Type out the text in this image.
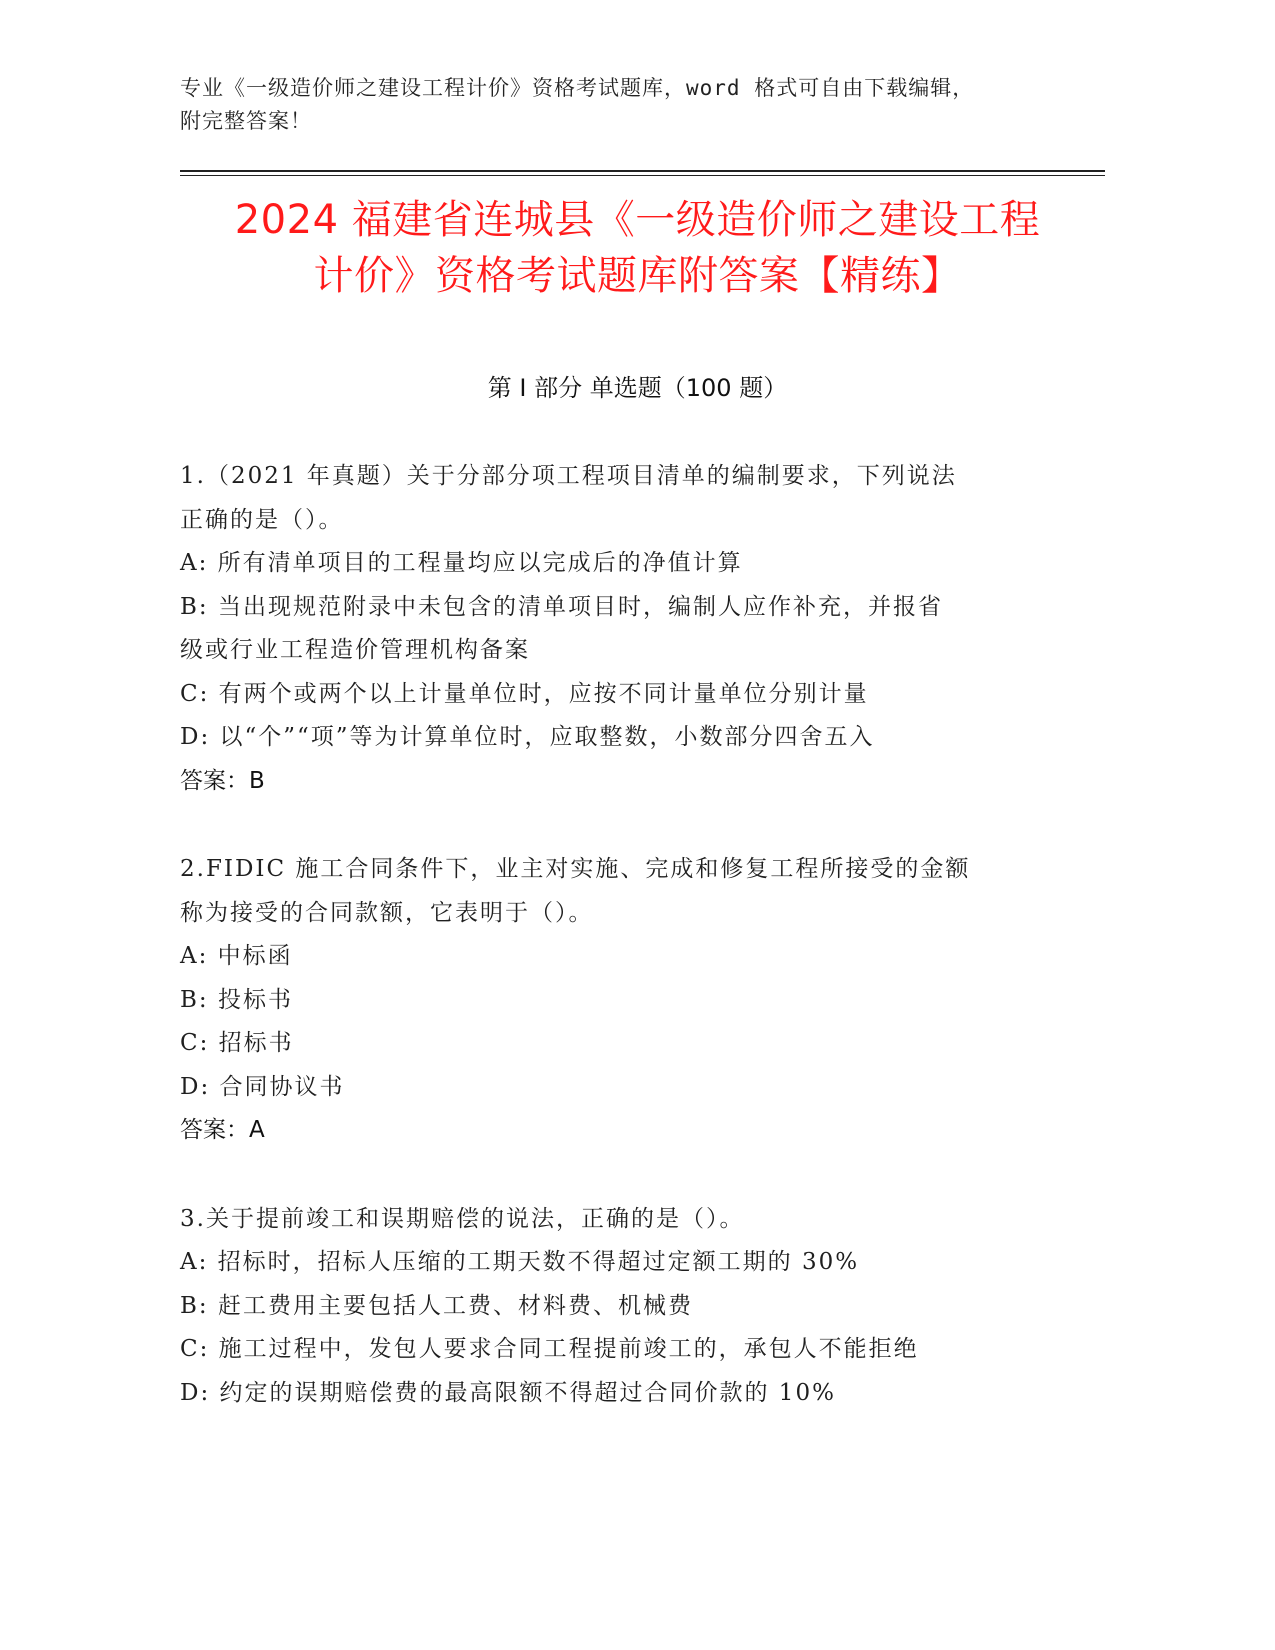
专业《一级造价师之建设工程计价》资格考试题库，word 格式可自由下载编辑，
附完整答案！
2024 福建省连城县《一级造价师之建设工程
计价》资格考试题库附答案【精练】
第 I 部分 单选题（100 题）
1.（2021 年真题）关于分部分项工程项目清单的编制要求，下列说法
正确的是（）。
A: 所有清单项目的工程量均应以完成后的净值计算
B: 当出现规范附录中未包含的清单项目时，编制人应作补充，并报省
级或行业工程造价管理机构备案
C: 有两个或两个以上计量单位时，应按不同计量单位分别计量
D: 以“个”“项”等为计算单位时，应取整数，小数部分四舍五入
答案：B
2.FIDIC 施工合同条件下，业主对实施、完成和修复工程所接受的金额
称为接受的合同款额，它表明于（）。
A: 中标函
B: 投标书
C: 招标书
D: 合同协议书
答案：A
3.关于提前竣工和误期赔偿的说法，正确的是（）。
A: 招标时，招标人压缩的工期天数不得超过定额工期的 30%
B: 赶工费用主要包括人工费、材料费、机械费
C: 施工过程中，发包人要求合同工程提前竣工的，承包人不能拒绝
D: 约定的误期赔偿费的最高限额不得超过合同价款的 10%
